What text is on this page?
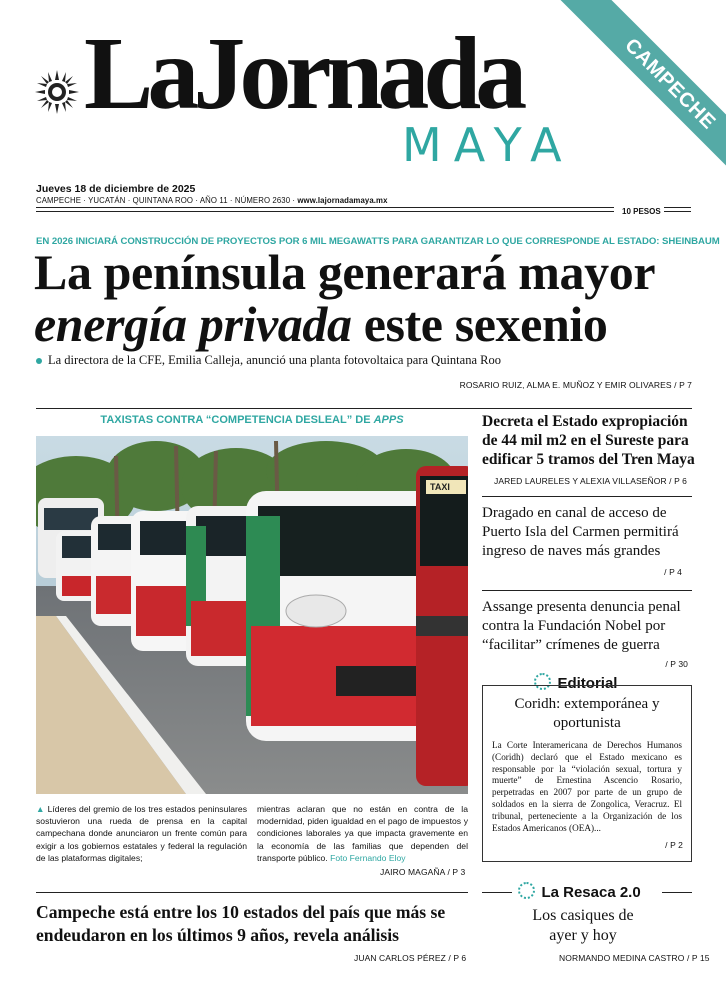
LaJornada
MAYA
CAMPECHE
Jueves 18 de diciembre de 2025
CAMPECHE · YUCATÁN · QUINTANA ROO · AÑO 11 · NÚMERO 2630 · www.lajornadamaya.mx
10 PESOS
EN 2026 INICIARÁ CONSTRUCCIÓN DE PROYECTOS POR 6 MIL MEGAWATTS PARA GARANTIZAR LO QUE CORRESPONDE AL ESTADO: SHEINBAUM
La península generará mayor
energía privada este sexenio
La directora de la CFE, Emilia Calleja, anunció una planta fotovoltaica para Quintana Roo
ROSARIO RUIZ, ALMA E. MUÑOZ Y EMIR OLIVARES / P 7
TAXISTAS CONTRA “COMPETENCIA DESLEAL” DE APPS
TAXI
▲ Líderes del gremio de los tres estados peninsulares sostuvieron una rueda de prensa en la capital campechana donde anunciaron un frente común para exigir a los gobiernos estatales y federal la regulación de las plataformas digitales;
mientras aclaran que no están en contra de la modernidad, piden igualdad en el pago de impuestos y condiciones laborales ya que impacta gravemente en la economía de las familias que dependen del transporte público. Foto Fernando Eloy
JAIRO MAGAÑA / P 3
Decreta el Estado expropiación de 44 mil m2 en el Sureste para edificar 5 tramos del Tren Maya
JARED LAURELES Y ALEXIA VILLASEÑOR / P 6
Dragado en canal de acceso de Puerto Isla del Carmen permitirá ingreso de naves más grandes
/ P 4
Assange presenta denuncia penal contra la Fundación Nobel por “facilitar” crímenes de guerra
/ P 30
Editorial
Coridh: extemporánea y oportunista
La Corte Interamericana de Derechos Humanos (Coridh) declaró que el Estado mexicano es responsable por la “violación sexual, tortura y muerte” de Ernestina Ascencio Rosario, perpetradas en 2007 por parte de un grupo de soldados en la sierra de Zongolica, Veracruz. El tribunal, perteneciente a la Organización de los Estados Americanos (OEA)...
/ P 2
Campeche está entre los 10 estados del país que más se endeudaron en los últimos 9 años, revela análisis
JUAN CARLOS PÉREZ / P 6
La Resaca 2.0
Los casiques de ayer y hoy
NORMANDO MEDINA CASTRO / P 15
